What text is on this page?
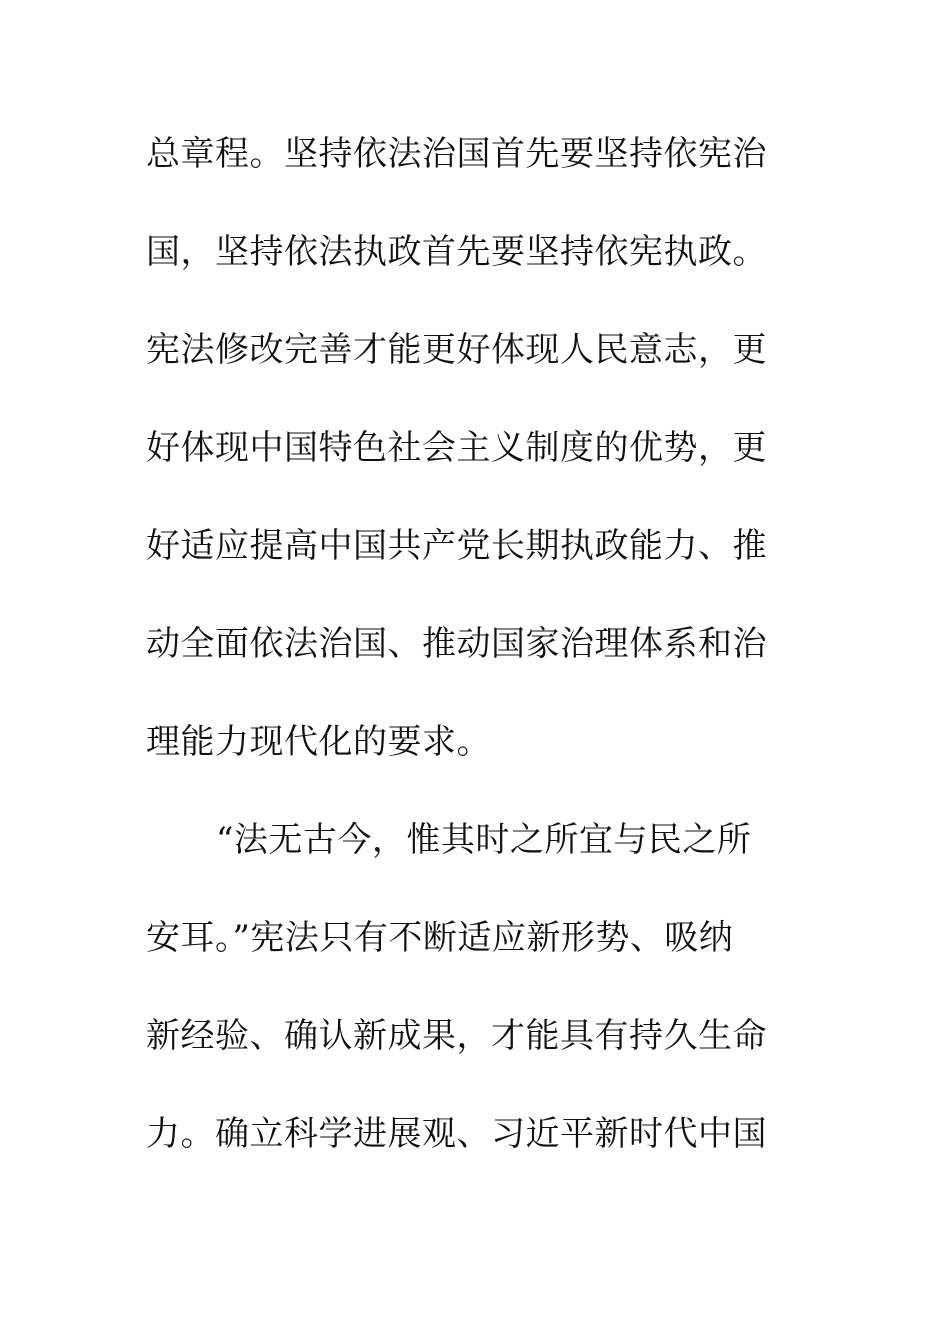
总章程。坚持依法治国首先要坚持依宪治
国，坚持依法执政首先要坚持依宪执政。
宪法修改完善才能更好体现人民意志，更
好体现中国特色社会主义制度的优势，更
好适应提高中国共产党长期执政能力、推
动全面依法治国、推动国家治理体系和治
理能力现代化的要求。
“法无古今，惟其时之所宜与民之所
安耳。”宪法只有不断适应新形势、吸纳
新经验、确认新成果，才能具有持久生命
力。确立科学进展观、习近平新时代中国
